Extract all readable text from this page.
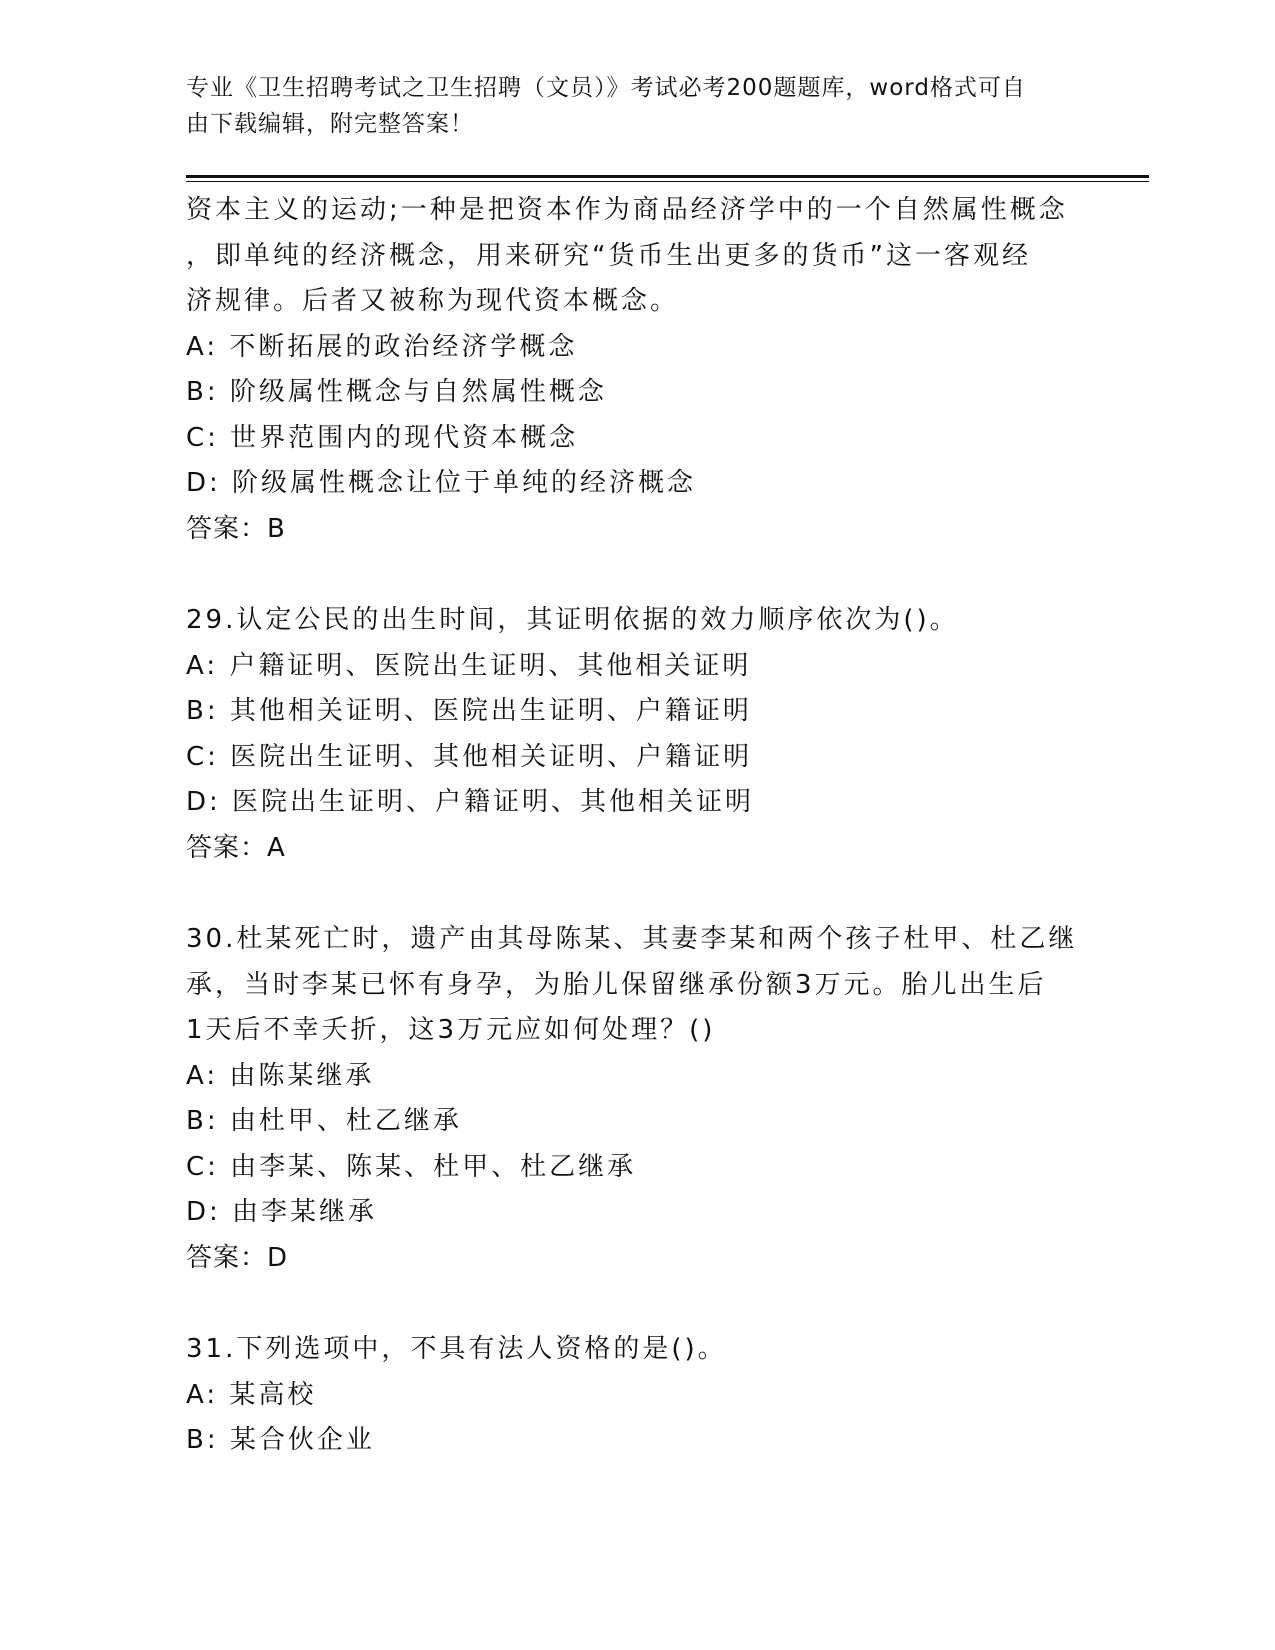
专业《卫生招聘考试之卫生招聘（文员）》考试必考200题题库，word格式可自
由下载编辑，附完整答案！
资本主义的运动;一种是把资本作为商品经济学中的一个自然属性概念
，即单纯的经济概念，用来研究“货币生出更多的货币”这一客观经
济规律。后者又被称为现代资本概念。
A: 不断拓展的政治经济学概念
B: 阶级属性概念与自然属性概念
C: 世界范围内的现代资本概念
D: 阶级属性概念让位于单纯的经济概念
答案：B
29.认定公民的出生时间，其证明依据的效力顺序依次为()。
A: 户籍证明、医院出生证明、其他相关证明
B: 其他相关证明、医院出生证明、户籍证明
C: 医院出生证明、其他相关证明、户籍证明
D: 医院出生证明、户籍证明、其他相关证明
答案：A
30.杜某死亡时，遗产由其母陈某、其妻李某和两个孩子杜甲、杜乙继
承，当时李某已怀有身孕，为胎儿保留继承份额3万元。胎儿出生后
1天后不幸夭折，这3万元应如何处理？()
A: 由陈某继承
B: 由杜甲、杜乙继承
C: 由李某、陈某、杜甲、杜乙继承
D: 由李某继承
答案：D
31.下列选项中，不具有法人资格的是()。
A: 某高校
B: 某合伙企业
